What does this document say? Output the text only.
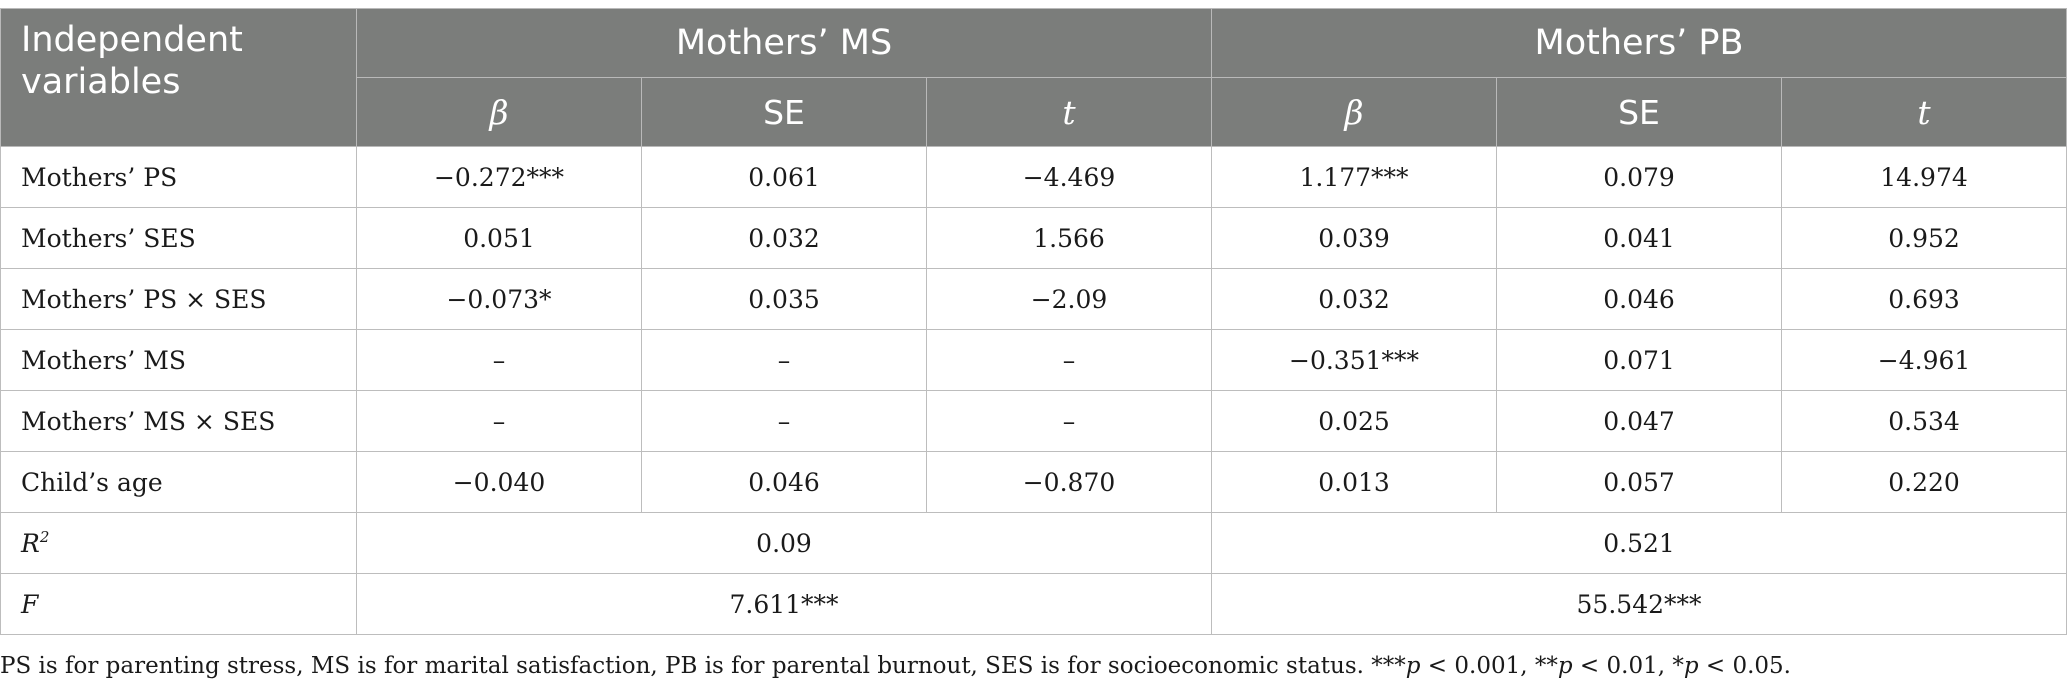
Independent variables	Mothers’ MS			Mothers’ PB		
	β	SE	t	β	SE	t
Mothers’ PS	−0.272***	0.061	−4.469	1.177***	0.079	14.974
Mothers’ SES	0.051	0.032	1.566	0.039	0.041	0.952
Mothers’ PS × SES	−0.073*	0.035	−2.09	0.032	0.046	0.693
Mothers’ MS	–	–	–	−0.351***	0.071	−4.961
Mothers’ MS × SES	–	–	–	0.025	0.047	0.534
Child’s age	−0.040	0.046	−0.870	0.013	0.057	0.220
$R^2$	0.09			0.521		
F	7.611***			55.542***		
PS is for parenting stress, MS is for marital satisfaction, PB is for parental burnout, SES is for socioeconomic status. ***p < 0.001, **p < 0.01, *p < 0.05.
